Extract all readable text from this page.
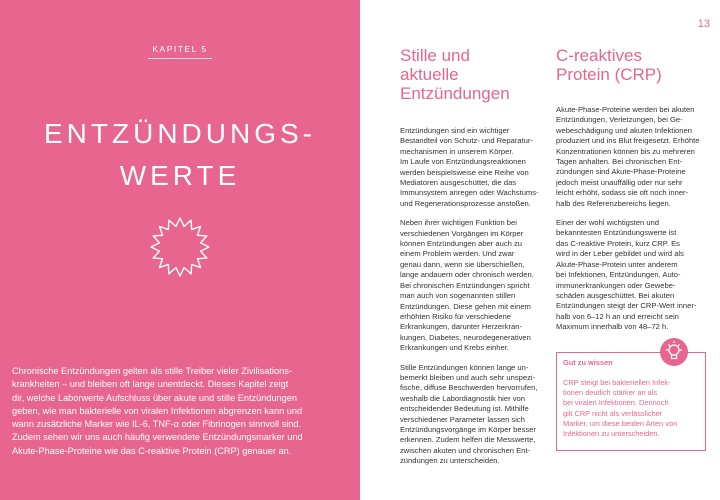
KAPITEL 5
ENTZÜNDUNGS-
WERTE

Chronische Entzündungen gelten als stille Treiber vieler Zivilisations-
krankheiten – und bleiben oft lange unentdeckt. Dieses Kapitel zeigt
dir, welche Laborwerte Aufschluss über akute und stille Entzündungen
geben, wie man bakterielle von viralen Infektionen abgrenzen kann und
wann zusätzliche Marker wie IL-6, TNF-α oder Fibrinogen sinnvoll sind.
Zudem sehen wir uns auch häufig verwendete Entzündungsmarker und
Akute-Phase-Proteine wie das C-reaktive Protein (CRP) genauer an.

13
Stille und
aktuelle
Entzündungen

Entzündungen sind ein wichtiger
Bestandteil von Schutz- und Reparatur-
mechanismen in unserem Körper.
Im Laufe von Entzündungsreaktionen
werden beispielsweise eine Reihe von
Mediatoren ausgeschüttet, die das
Immunsystem anregen oder Wachstums-
und Regenerationsprozesse anstoßen.

Neben ihrer wichtigen Funktion bei
verschiedenen Vorgängen im Körper
können Entzündungen aber auch zu
einem Problem werden. Und zwar
genau dann, wenn sie überschießen,
lange andauern oder chronisch werden.
Bei chronischen Entzündungen spricht
man auch von sogenannten stillen
Entzündungen. Diese gehen mit einem
erhöhten Risiko für verschiedene
Erkrankungen, darunter Herzerkran-
kungen, Diabetes, neurodegenerativen
Erkrankungen und Krebs einher.

Stille Entzündungen können lange un-
bemerkt bleiben und auch sehr unspezi-
fische, diffuse Beschwerden hervorrufen,
weshalb die Labordiagnostik hier von
entscheidender Bedeutung ist. Mithilfe
verschiedener Parameter lassen sich
Entzündungsvorgänge im Körper besser
erkennen. Zudem helfen die Messwerte,
zwischen akuten und chronischen Ent-
zündungen zu unterscheiden.

C-reaktives
Protein (CRP)

Akute-Phase-Proteine werden bei akuten
Entzündungen, Verletzungen, bei Ge-
webeschädigung und akuten Infektionen
produziert und ins Blut freigesetzt. Erhöhte
Konzentrationen können bis zu mehreren
Tagen anhalten. Bei chronischen Ent-
zündungen sind Akute-Phase-Proteine
jedoch meist unauffällig oder nur sehr
leicht erhöht, sodass sie oft noch inner-
halb des Referenzbereichs liegen.

Einer der wohl wichtigsten und
bekanntesten Entzündungswerte ist
das C-reaktive Protein, kurz CRP. Es
wird in der Leber gebildet und wird als
Akute-Phase-Protein unter anderem
bei Infektionen, Entzündungen, Auto-
immunerkrankungen oder Gewebe-
schäden ausgeschüttet. Bei akuten
Entzündungen steigt der CRP-Wert inner-
halb von 6–12 h an und erreicht sein
Maximum innerhalb von 48–72 h.

Gut zu wissen
CRP steigt bei bakteriellen Infek-
tionen deutlich stärker an als
bei viralen Infektionen. Dennoch
gilt CRP nicht als verlässlicher
Marker, um diese beiden Arten von
Infektionen zu unterscheiden.
